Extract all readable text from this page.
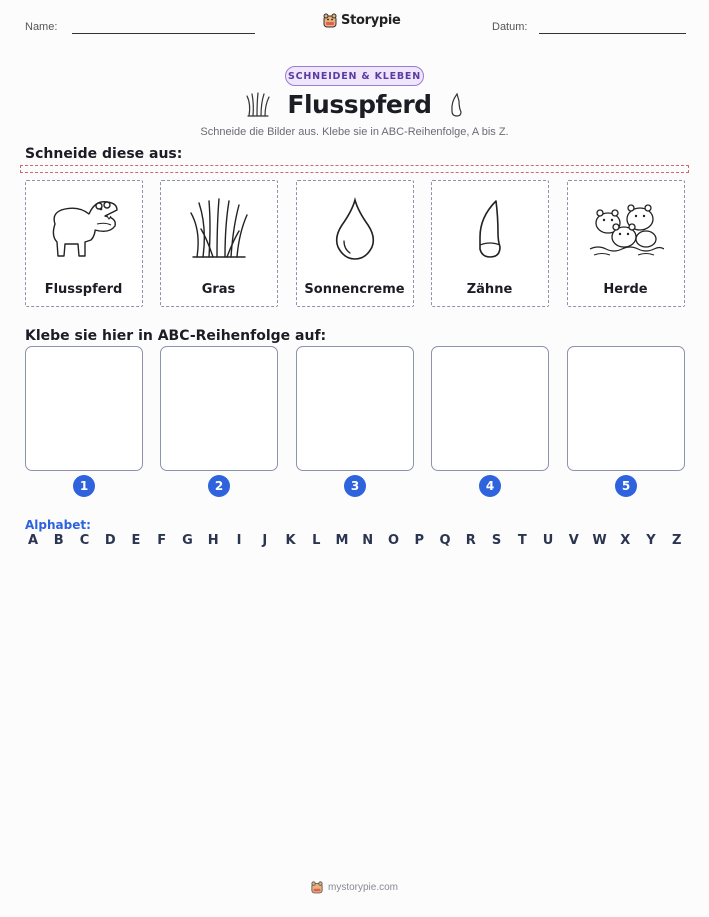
Name:	Storypie	Datum:
SCHNEIDEN & KLEBEN
Flusspferd
Schneide die Bilder aus. Klebe sie in ABC-Reihenfolge, A bis Z.
Schneide diese aus:
Flusspferd	Gras	Sonnencreme	Zähne	Herde
Klebe sie hier in ABC-Reihenfolge auf:
1	2	3	4	5
Alphabet:
A B C D E F G H	I	J	K L M N O P Q R S T U V W X Y Z
mystorypie.com
